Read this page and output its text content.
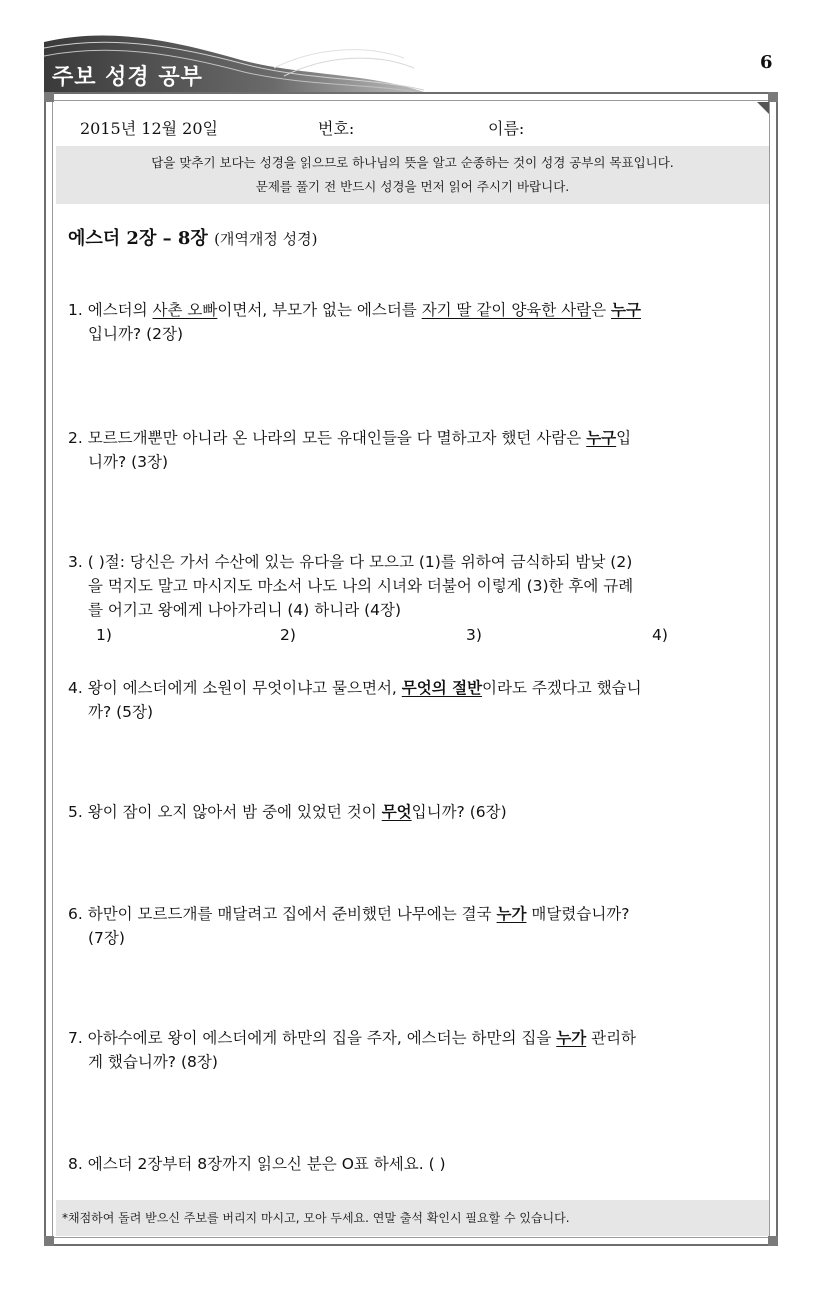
주보 성경 공부
6
2015년 12월 20일	번호:	이름:
답을 맞추기 보다는 성경을 읽으므로 하나님의 뜻을 알고 순종하는 것이 성경 공부의 목표입니다.
문제를 풀기 전 반드시 성경을 먼저 읽어 주시기 바랍니다.
에스더 2장 – 8장 (개역개정 성경)
1. 에스더의 사촌 오빠이면서, 부모가 없는 에스더를 자기 딸 같이 양육한 사람은 누구
입니까? (2장)
2. 모르드개뿐만 아니라 온 나라의 모든 유대인들을 다 멸하고자 했던 사람은 누구입
니까? (3장)
3. ( )절: 당신은 가서 수산에 있는 유다을 다 모으고 (1)를 위하여 금식하되 밤낮 (2)
을 먹지도 말고 마시지도 마소서 나도 나의 시녀와 더불어 이렇게 (3)한 후에 규례
를 어기고 왕에게 나아가리니 (4) 하니라 (4장)
1)	2)	3)	4)
4. 왕이 에스더에게 소원이 무엇이냐고 물으면서, 무엇의 절반이라도 주겠다고 했습니
까? (5장)
5. 왕이 잠이 오지 않아서 밤 중에 있었던 것이 무엇입니까? (6장)
6. 하만이 모르드개를 매달려고 집에서 준비했던 나무에는 결국 누가 매달렸습니까?
(7장)
7. 아하수에로 왕이 에스더에게 하만의 집을 주자, 에스더는 하만의 집을 누가 관리하
게 했습니까? (8장)
8. 에스더 2장부터 8장까지 읽으신 분은 O표 하세요. ( )
*채점하여 돌려 받으신 주보를 버리지 마시고, 모아 두세요. 연말 출석 확인시 필요할 수 있습니다.
